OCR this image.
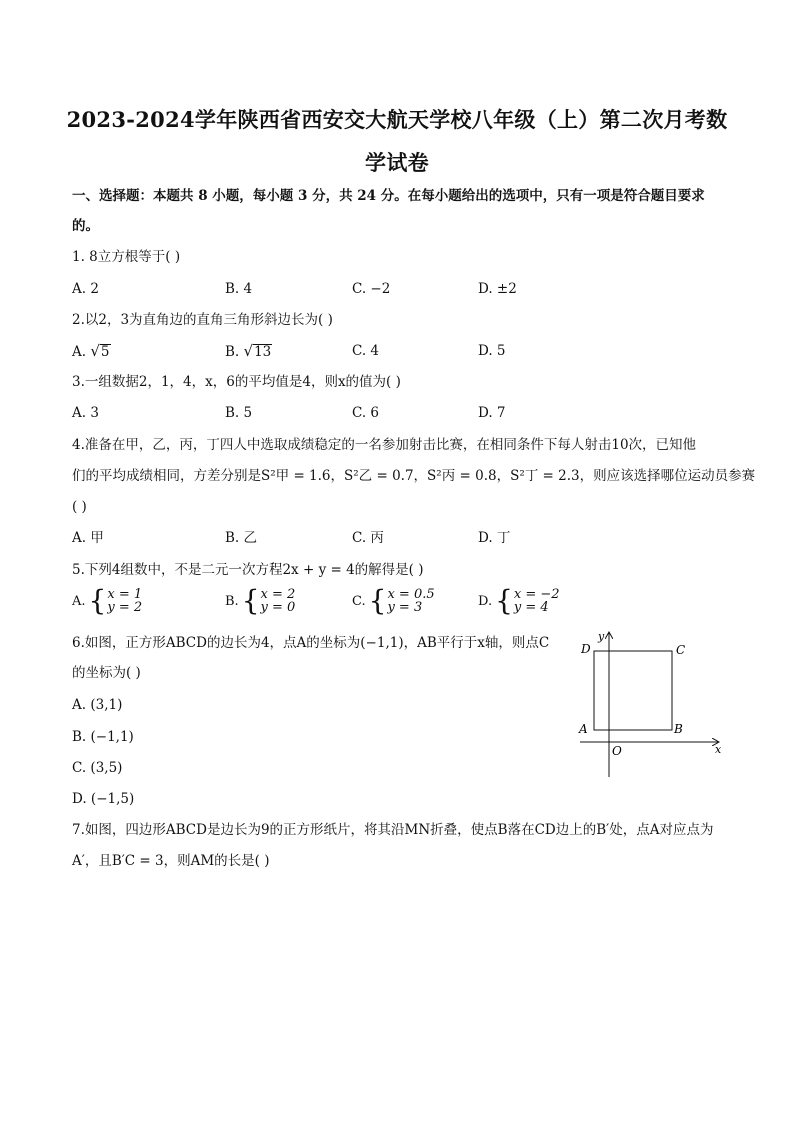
2023-2024学年陕西省西安交大航天学校八年级（上）第二次月考数
学试卷
一、选择题：本题共 8 小题，每小题 3 分，共 24 分。在每小题给出的选项中，只有一项是符合题目要求
的。
1. 8立方根等于( )
A. 2	B. 4	C. −2	D. ±2
2.以2，3为直角边的直角三角形斜边长为( )
A. √ 5	B. √ 13	C. 4	D. 5
3.一组数据2，1，4，x，6的平均值是4，则x的值为( )
A. 3	B. 5	C. 6	D. 7
4.准备在甲，乙，丙，丁四人中选取成绩稳定的一名参加射击比赛，在相同条件下每人射击10次，已知他
们的平均成绩相同，方差分别是S²甲 = 1.6，S²乙 = 0.7，S²丙 = 0.8，S²丁 = 2.3，则应该选择哪位运动员参赛
( )
A. 甲	B. 乙	C. 丙	D. 丁
5.下列4组数中，不是二元一次方程2x + y = 4的解得是( )
A. { x = 1
y = 2	B. { x = 2
y = 0	C. { x = 0.5
y = 3	D. { x = −2
y = 4
6.如图，正方形ABCD的边长为4，点A的坐标为(−1,1)，AB平行于x轴，则点C
的坐标为( )
A. (3,1)
B. (−1,1)
C. (3,5)
D. (−1,5)
D	C
A	B
O	x
y
7.如图，四边形ABCD是边长为9的正方形纸片，将其沿MN折叠，使点B落在CD边上的B′处，点A对应点为
A′，且B′C = 3，则AM的长是( )
